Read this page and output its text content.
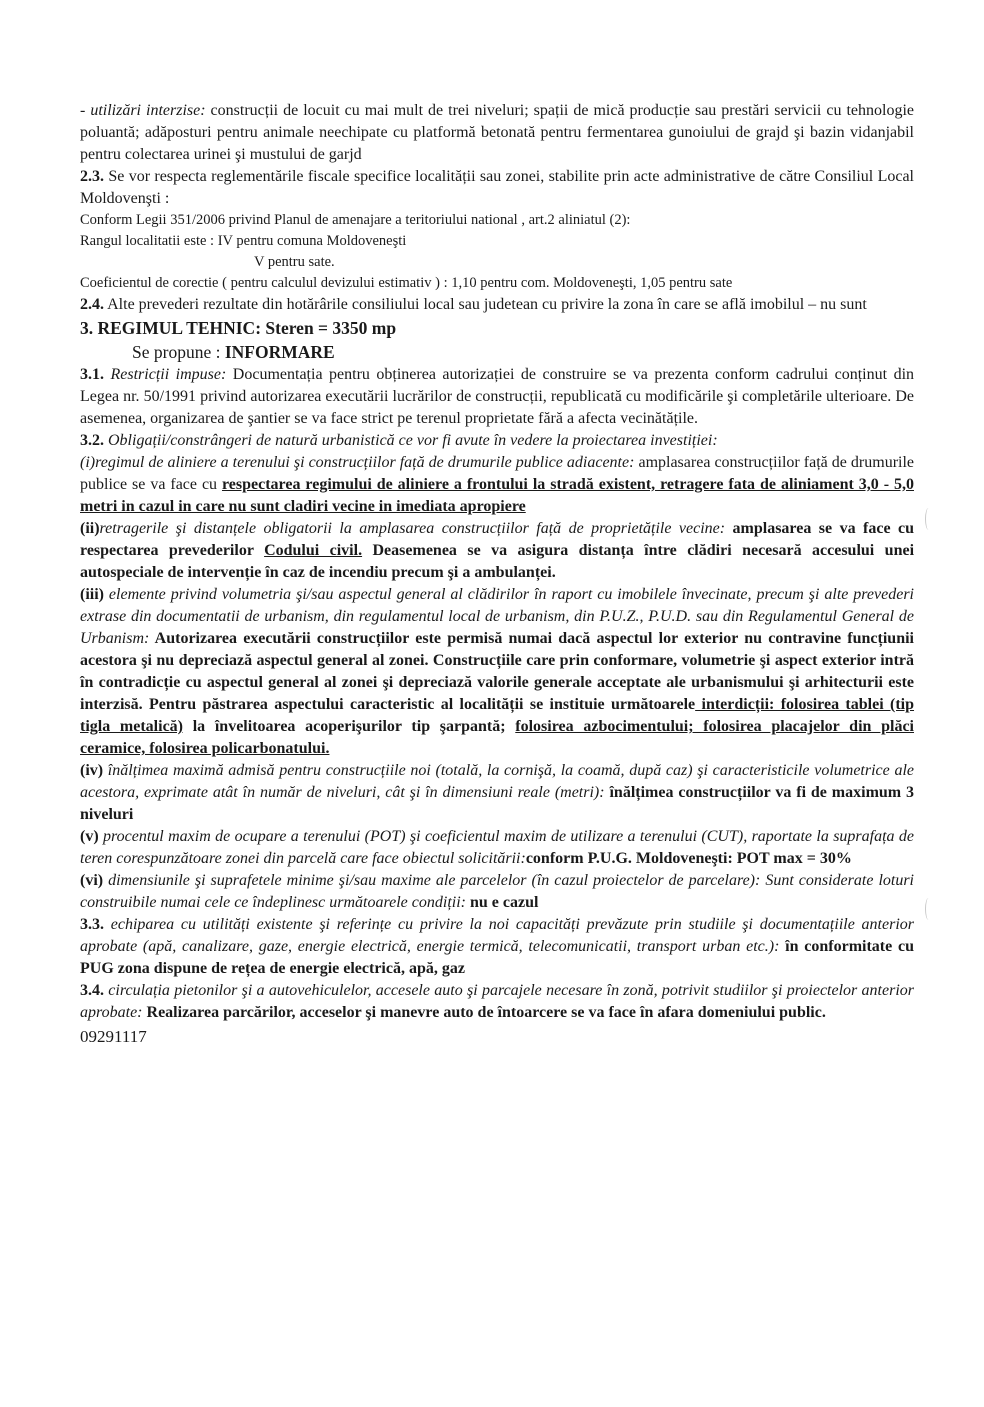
- utilizări interzise: construcții de locuit cu mai mult de trei niveluri; spații de mică producție sau prestări servicii cu tehnologie poluantă; adăposturi pentru animale neechipate cu platformă betonată pentru fermentarea gunoiului de grajd şi bazin vidanjabil pentru colectarea urinei şi mustului de garjd

2.3. Se vor respecta reglementările fiscale specifice localității sau zonei, stabilite prin acte administrative de către Consiliul Local Moldovenşti :

Conform Legii 351/2006 privind Planul de amenajare a teritoriului national , art.2 aliniatul (2):

Rangul localitatii este : IV pentru comuna Moldoveneşti

V pentru sate.

Coeficientul de corectie ( pentru calculul devizului estimativ ) : 1,10 pentru com. Moldoveneşti, 1,05 pentru sate

2.4. Alte prevederi rezultate din hotărârile consiliului local sau judetean cu privire la zona în care se află imobilul – nu sunt

3. REGIMUL TEHNIC: Steren = 3350 mp

Se propune : INFORMARE

3.1. Restricții impuse: Documentația pentru obținerea autorizației de construire se va prezenta conform cadrului conținut din Legea nr. 50/1991 privind autorizarea executării lucrărilor de construcții, republicată cu modificările şi completările ulterioare. De asemenea, organizarea de şantier se va face strict pe terenul proprietate fără a afecta vecinătățile.

3.2. Obligații/constrângeri de natură urbanistică ce vor fi avute în vedere la proiectarea investiției:

(i)regimul de aliniere a terenului şi construcțiilor față de drumurile publice adiacente: amplasarea construcțiilor față de drumurile publice se va face cu respectarea regimului de aliniere a frontului la stradă existent, retragere fata de aliniament 3,0 - 5,0 metri in cazul in care nu sunt cladiri vecine in imediata apropiere

(ii)retragerile şi distanțele obligatorii la amplasarea construcțiilor față de proprietățile vecine: amplasarea se va face cu respectarea prevederilor Codului civil. Deasemenea se va asigura distanța între clădiri necesară accesului unei autospeciale de intervenție în caz de incendiu precum şi a ambulanței.

(iii) elemente privind volumetria şi/sau aspectul general al clădirilor în raport cu imobilele învecinate, precum şi alte prevederi extrase din documentatii de urbanism, din regulamentul local de urbanism, din P.U.Z., P.U.D. sau din Regulamentul General de Urbanism: Autorizarea executării construcțiilor este permisă numai dacă aspectul lor exterior nu contravine funcțiunii acestora şi nu depreciază aspectul general al zonei. Construcțiile care prin conformare, volumetrie şi aspect exterior intră în contradicție cu aspectul general al zonei şi depreciază valorile generale acceptate ale urbanismului şi arhitecturii este interzisă. Pentru păstrarea aspectului caracteristic al localității se instituie următoarele interdicții: folosirea tablei (tip tigla metalică) la învelitoarea acoperişurilor tip şarpantă; folosirea azbocimentului; folosirea placajelor din plăci ceramice, folosirea policarbonatului.

(iv) înălțimea maximă admisă pentru construcțiile noi (totală, la cornişă, la coamă, după caz) şi caracteristicile volumetrice ale acestora, exprimate atât în număr de niveluri, cât şi în dimensiuni reale (metri): înălțimea construcțiilor va fi de maximum 3 niveluri

(v) procentul maxim de ocupare a terenului (POT) şi coeficientul maxim de utilizare a terenului (CUT), raportate la suprafața de teren corespunzătoare zonei din parcelă care face obiectul solicitării:conform P.U.G. Moldoveneşti: POT max = 30%

(vi) dimensiunile şi suprafetele minime şi/sau maxime ale parcelelor (în cazul proiectelor de parcelare): Sunt considerate loturi construibile numai cele ce îndeplinesc următoarele condiții: nu e cazul

3.3. echiparea cu utilități existente şi referințe cu privire la noi capacități prevăzute prin studiile şi documentațiile anterior aprobate (apă, canalizare, gaze, energie electrică, energie termică, telecomunicatii, transport urban etc.): în conformitate cu PUG zona dispune de rețea de energie electrică, apă, gaz

3.4. circulația pietonilor şi a autovehiculelor, accesele auto şi parcajele necesare în zonă, potrivit studiilor şi proiectelor anterior aprobate: Realizarea parcărilor, acceselor şi manevre auto de întoarcere se va face în afara domeniului public.

09291117
